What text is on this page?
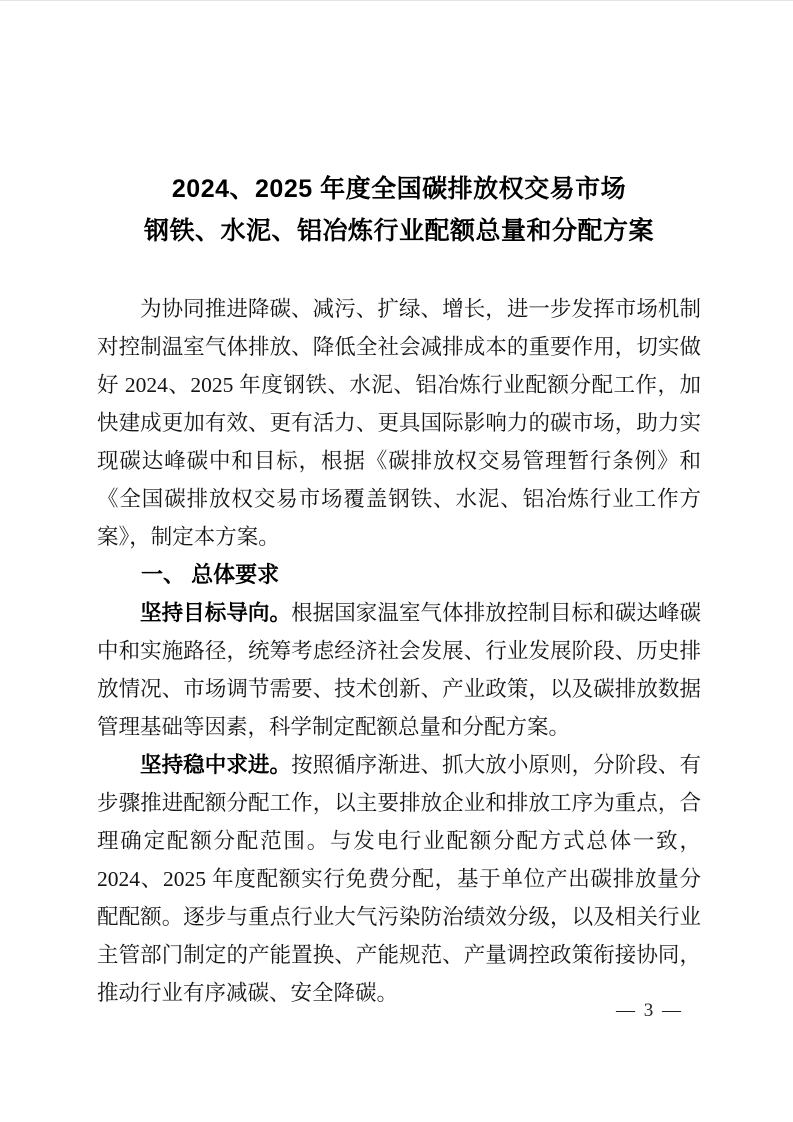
2024、2025 年度全国碳排放权交易市场
钢铁、水泥、铝冶炼行业配额总量和分配方案

为协同推进降碳、减污、扩绿、增长，进一步发挥市场机制对控制温室气体排放、降低全社会减排成本的重要作用，切实做好 2024、2025 年度钢铁、水泥、铝冶炼行业配额分配工作，加快建成更加有效、更有活力、更具国际影响力的碳市场，助力实现碳达峰碳中和目标，根据《碳排放权交易管理暂行条例》和《全国碳排放权交易市场覆盖钢铁、水泥、铝冶炼行业工作方案》，制定本方案。

一、 总体要求

坚持目标导向。根据国家温室气体排放控制目标和碳达峰碳中和实施路径，统筹考虑经济社会发展、行业发展阶段、历史排放情况、市场调节需要、技术创新、产业政策，以及碳排放数据管理基础等因素，科学制定配额总量和分配方案。

坚持稳中求进。按照循序渐进、抓大放小原则，分阶段、有步骤推进配额分配工作，以主要排放企业和排放工序为重点，合理确定配额分配范围。与发电行业配额分配方式总体一致，2024、2025 年度配额实行免费分配，基于单位产出碳排放量分配配额。逐步与重点行业大气污染防治绩效分级，以及相关行业主管部门制定的产能置换、产能规范、产量调控政策衔接协同，推动行业有序减碳、安全降碳。

— 3 —
